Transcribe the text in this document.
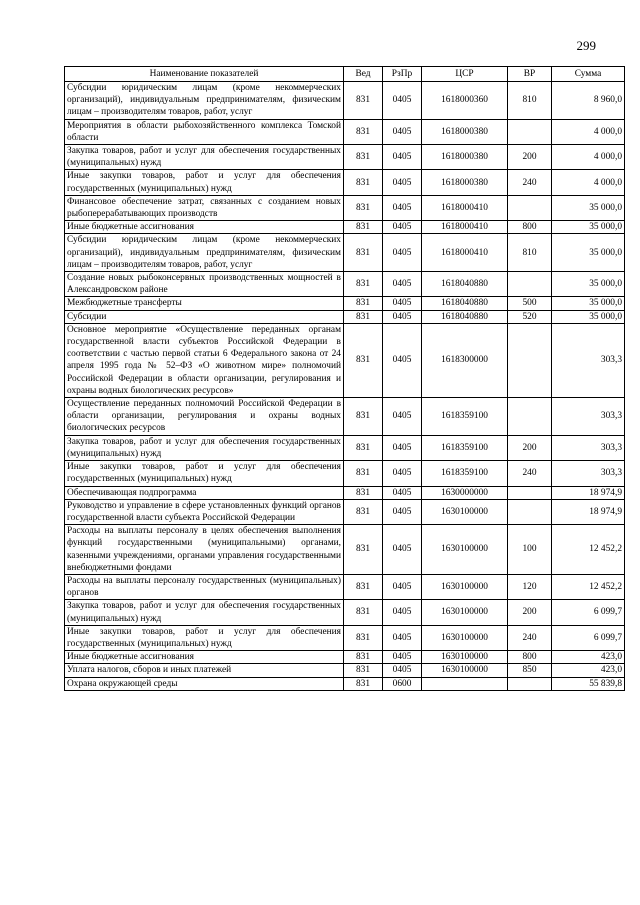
299
Наименование показателей	Вед	РзПр	ЦСР	ВР	Сумма
Субсидии юридическим лицам (кроме некоммерческих организаций), индивидуальным предпринимателям, физическим лицам – производителям товаров, работ, услуг	831	0405	1618000360	810	8 960,0
Мероприятия в области рыбохозяйственного комплекса Томской области	831	0405	1618000380		4 000,0
Закупка товаров, работ и услуг для обеспечения государственных (муниципальных) нужд	831	0405	1618000380	200	4 000,0
Иные закупки товаров, работ и услуг для обеспечения государственных (муниципальных) нужд	831	0405	1618000380	240	4 000,0
Финансовое обеспечение затрат, связанных с созданием новых рыбоперерабатывающих производств	831	0405	1618000410		35 000,0
Иные бюджетные ассигнования	831	0405	1618000410	800	35 000,0
Субсидии юридическим лицам (кроме некоммерческих организаций), индивидуальным предпринимателям, физическим лицам – производителям товаров, работ, услуг	831	0405	1618000410	810	35 000,0
Создание новых рыбоконсервных производственных мощностей в Александровском районе	831	0405	1618040880		35 000,0
Межбюджетные трансферты	831	0405	1618040880	500	35 000,0
Субсидии	831	0405	1618040880	520	35 000,0
Основное мероприятие «Осуществление переданных органам государственной власти субъектов Российской Федерации в соответствии с частью первой статьи 6 Федерального закона от 24 апреля 1995 года № 52–ФЗ «О животном мире» полномочий Российской Федерации в области организации, регулирования и охраны водных биологических ресурсов»	831	0405	1618300000		303,3
Осуществление переданных полномочий Российской Федерации в области организации, регулирования и охраны водных биологических ресурсов	831	0405	1618359100		303,3
Закупка товаров, работ и услуг для обеспечения государственных (муниципальных) нужд	831	0405	1618359100	200	303,3
Иные закупки товаров, работ и услуг для обеспечения государственных (муниципальных) нужд	831	0405	1618359100	240	303,3
Обеспечивающая подпрограмма	831	0405	1630000000		18 974,9
Руководство и управление в сфере установленных функций органов государственной власти субъекта Российской Федерации	831	0405	1630100000		18 974,9
Расходы на выплаты персоналу в целях обеспечения выполнения функций государственными (муниципальными) органами, казенными учреждениями, органами управления государственными внебюджетными фондами	831	0405	1630100000	100	12 452,2
Расходы на выплаты персоналу государственных (муниципальных) органов	831	0405	1630100000	120	12 452,2
Закупка товаров, работ и услуг для обеспечения государственных (муниципальных) нужд	831	0405	1630100000	200	6 099,7
Иные закупки товаров, работ и услуг для обеспечения государственных (муниципальных) нужд	831	0405	1630100000	240	6 099,7
Иные бюджетные ассигнования	831	0405	1630100000	800	423,0
Уплата налогов, сборов и иных платежей	831	0405	1630100000	850	423,0
Охрана окружающей среды	831	0600			55 839,8
